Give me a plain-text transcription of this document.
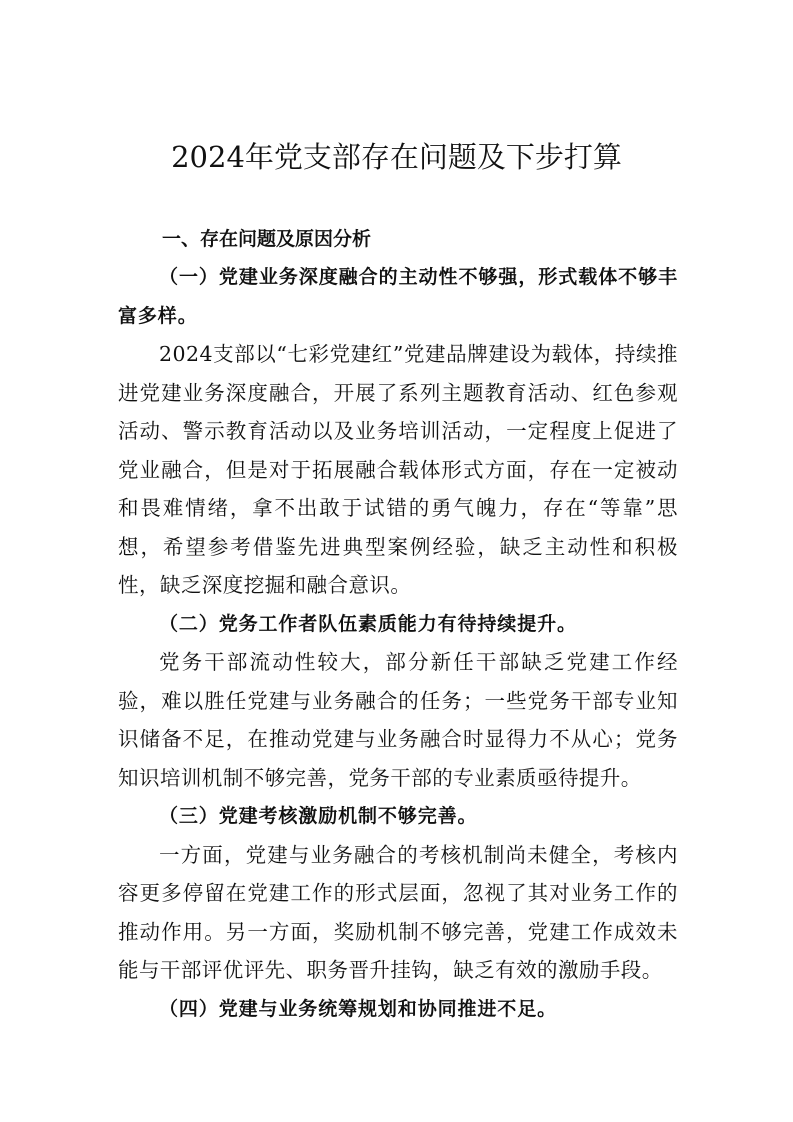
2024年党支部存在问题及下步打算
一、存在问题及原因分析
（一）党建业务深度融合的主动性不够强，形式载体不够丰富多样。
2024支部以“七彩党建红”党建品牌建设为载体，持续推进党建业务深度融合，开展了系列主题教育活动、红色参观活动、警示教育活动以及业务培训活动，一定程度上促进了党业融合，但是对于拓展融合载体形式方面，存在一定被动和畏难情绪，拿不出敢于试错的勇气魄力，存在“等靠”思想，希望参考借鉴先进典型案例经验，缺乏主动性和积极性，缺乏深度挖掘和融合意识。
（二）党务工作者队伍素质能力有待持续提升。
党务干部流动性较大，部分新任干部缺乏党建工作经验，难以胜任党建与业务融合的任务；一些党务干部专业知识储备不足，在推动党建与业务融合时显得力不从心；党务知识培训机制不够完善，党务干部的专业素质亟待提升。
（三）党建考核激励机制不够完善。
一方面，党建与业务融合的考核机制尚未健全，考核内容更多停留在党建工作的形式层面，忽视了其对业务工作的推动作用。另一方面，奖励机制不够完善，党建工作成效未能与干部评优评先、职务晋升挂钩，缺乏有效的激励手段。
（四）党建与业务统筹规划和协同推进不足。
